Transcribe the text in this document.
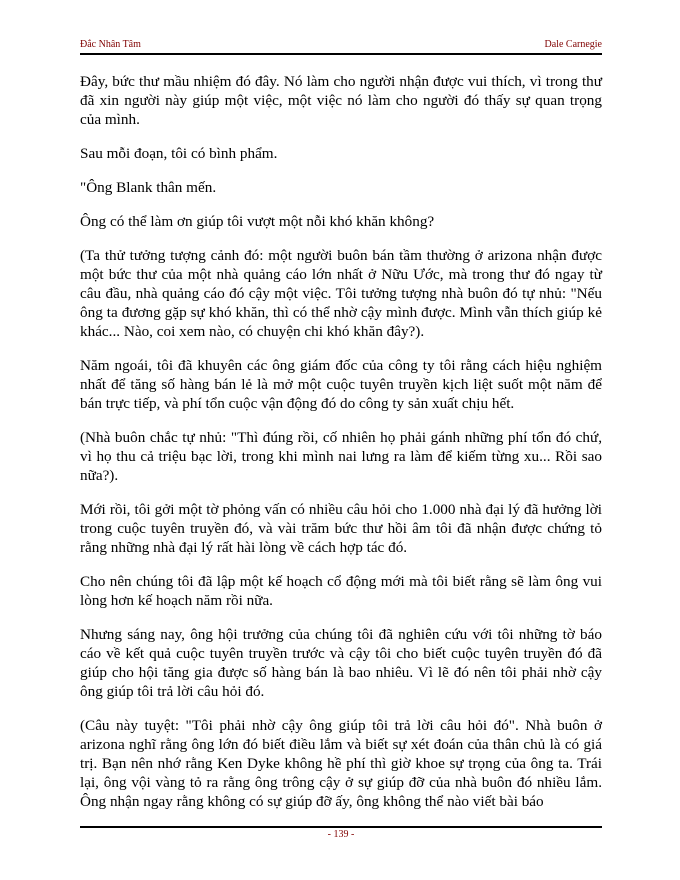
Đắc Nhân Tâm	Dale Carnegie

Đây, bức thư mầu nhiệm đó đây. Nó làm cho người nhận được vui thích, vì trong thư đã xin người này giúp một việc, một việc nó làm cho người đó thấy sự quan trọng của mình.

Sau mỗi đoạn, tôi có bình phẩm.

"Ông Blank thân mến.

Ông có thể làm ơn giúp tôi vượt một nỗi khó khăn không?

(Ta thử tưởng tượng cảnh đó: một người buôn bán tầm thường ở arizona nhận được một bức thư của một nhà quảng cáo lớn nhất ở Nữu Ước, mà trong thư đó ngay từ câu đầu, nhà quảng cáo đó cậy một việc. Tôi tưởng tượng nhà buôn đó tự nhủ: "Nếu ông ta đương gặp sự khó khăn, thì có thể nhờ cậy mình được. Mình vẫn thích giúp kẻ khác... Nào, coi xem nào, có chuyện chi khó khăn đây?).

Năm ngoái, tôi đã khuyên các ông giám đốc của công ty tôi rằng cách hiệu nghiệm nhất để tăng số hàng bán lẻ là mở một cuộc tuyên truyền kịch liệt suốt một năm để bán trực tiếp, và phí tổn cuộc vận động đó do công ty sản xuất chịu hết.

(Nhà buôn chắc tự nhủ: "Thì đúng rồi, cố nhiên họ phải gánh những phí tổn đó chứ, vì họ thu cả triệu bạc lời, trong khi mình nai lưng ra làm để kiếm từng xu... Rồi sao nữa?).

Mới rồi, tôi gởi một tờ phỏng vấn có nhiều câu hỏi cho 1.000 nhà đại lý đã hưởng lời trong cuộc tuyên truyền đó, và vài trăm bức thư hồi âm tôi đã nhận được chứng tỏ rằng những nhà đại lý rất hài lòng về cách hợp tác đó.

Cho nên chúng tôi đã lập một kế hoạch cổ động mới mà tôi biết rằng sẽ làm ông vui lòng hơn kế hoạch năm rồi nữa.

Nhưng sáng nay, ông hội trưởng của chúng tôi đã nghiên cứu với tôi những tờ báo cáo về kết quả cuộc tuyên truyền trước và cậy tôi cho biết cuộc tuyên truyền đó đã giúp cho hội tăng gia được số hàng bán là bao nhiêu. Vì lẽ đó nên tôi phải nhờ cậy ông giúp tôi trả lời câu hỏi đó.

(Câu này tuyệt: "Tôi phải nhờ cậy ông giúp tôi trả lời câu hỏi đó". Nhà buôn ở arizona nghĩ rằng ông lớn đó biết điều lắm và biết sự xét đoán của thân chủ là có giá trị. Bạn nên nhớ rằng Ken Dyke không hề phí thì giờ khoe sự trọng của ông ta. Trái lại, ông vội vàng tỏ ra rằng ông trông cậy ở sự giúp đỡ của nhà buôn đó nhiều lắm. Ông nhận ngay rằng không có sự giúp đỡ ấy, ông không thể nào viết bài báo

- 139 -
